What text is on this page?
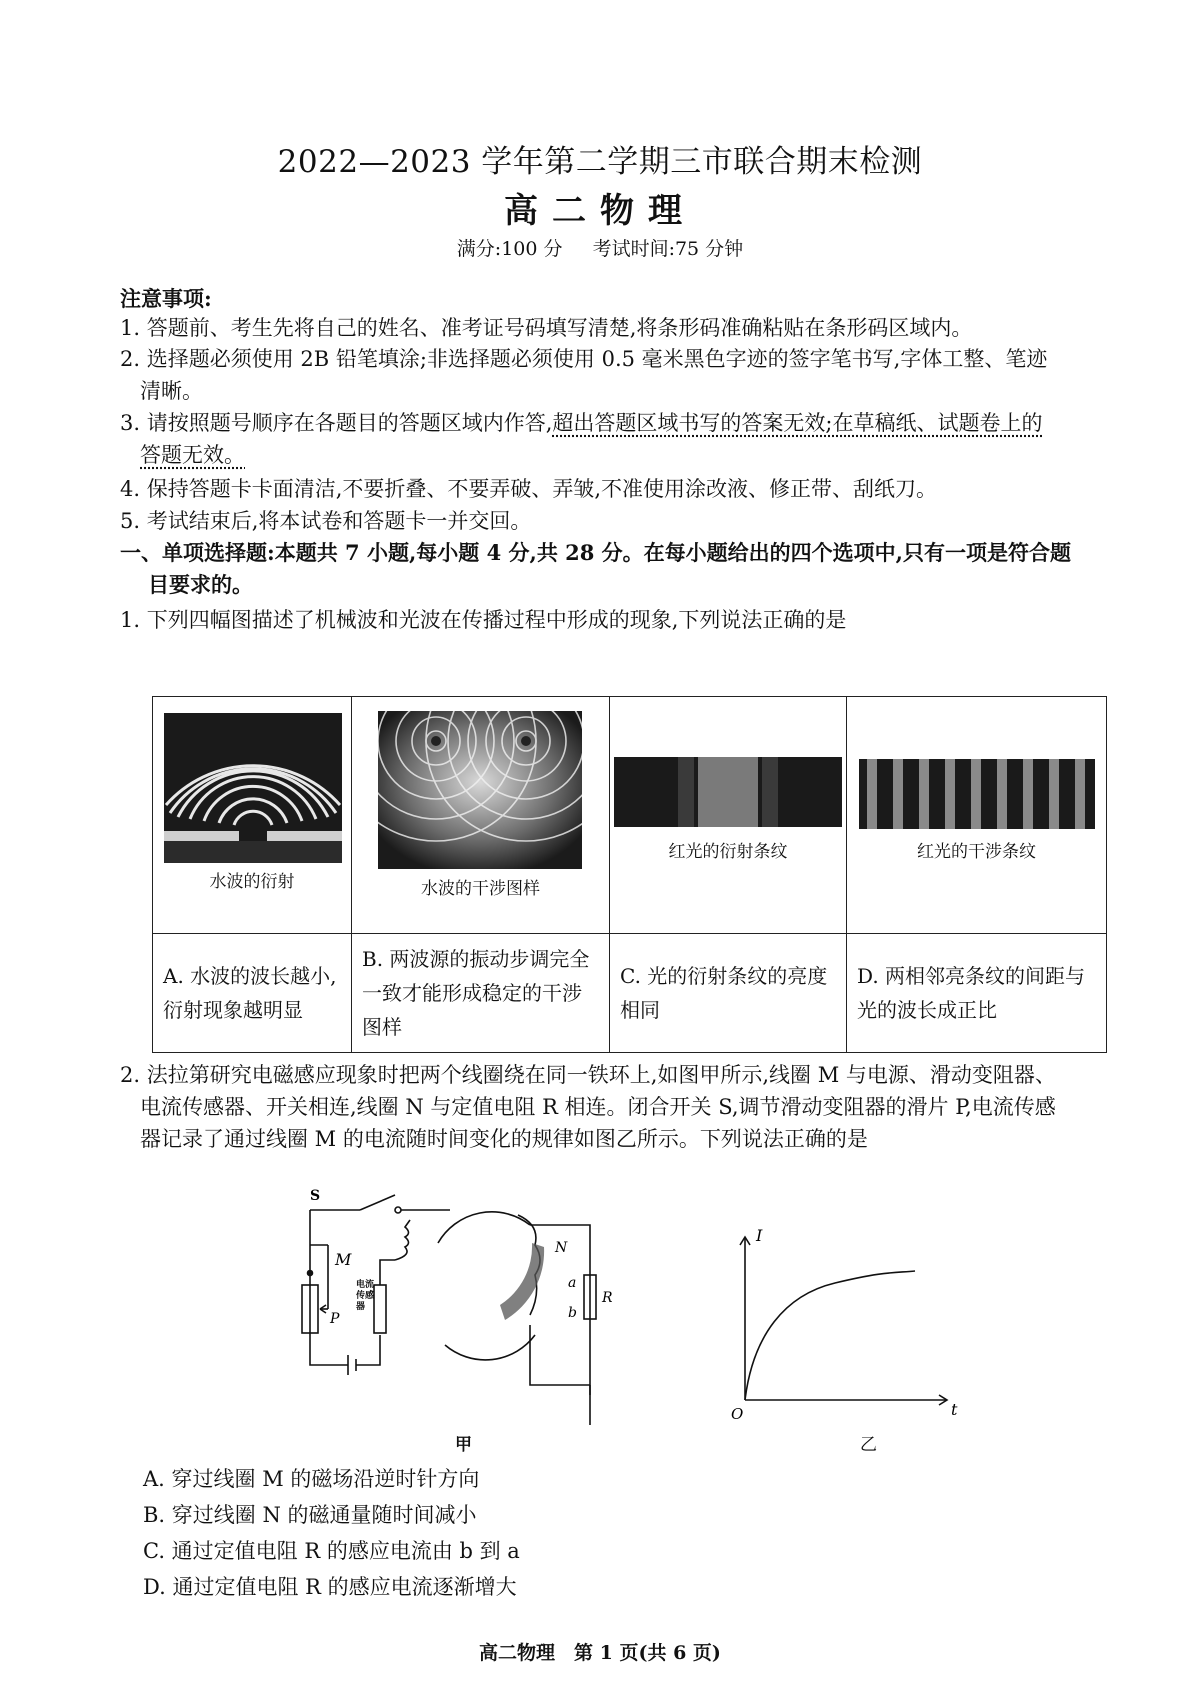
2022—2023 学年第二学期三市联合期末检测
高二物理
满分:100 分 考试时间:75 分钟
注意事项:
1. 答题前、考生先将自己的姓名、准考证号码填写清楚,将条形码准确粘贴在条形码区域内。
2. 选择题必须使用 2B 铅笔填涂;非选择题必须使用 0.5 毫米黑色字迹的签字笔书写,字体工整、笔迹
清晰。
3. 请按照题号顺序在各题目的答题区域内作答,超出答题区域书写的答案无效;在草稿纸、试题卷上的
答题无效。
4. 保持答题卡卡面清洁,不要折叠、不要弄破、弄皱,不准使用涂改液、修正带、刮纸刀。
5. 考试结束后,将本试卷和答题卡一并交回。
一、单项选择题:本题共 7 小题,每小题 4 分,共 28 分。在每小题给出的四个选项中,只有一项是符合题
目要求的。
1. 下列四幅图描述了机械波和光波在传播过程中形成的现象,下列说法正确的是
水波的衍射	水波的干涉图样	红光的衍射条纹	红光的干涉条纹

A. 水波的波长越小,衍射现象越明显	B. 两波源的振动步调完全一致才能形成稳定的干涉图样	C. 光的衍射条纹的亮度相同	D. 两相邻亮条纹的间距与光的波长成正比
2. 法拉第研究电磁感应现象时把两个线圈绕在同一铁环上,如图甲所示,线圈 M 与电源、滑动变阻器、
电流传感器、开关相连,线圈 N 与定值电阻 R 相连。闭合开关 S,调节滑动变阻器的滑片 P,电流传感
器记录了通过线圈 M 的电流随时间变化的规律如图乙所示。下列说法正确的是
S
M
N
P
a
b
R
电流传感器
电流
传感
器
甲
I
t
O
乙
A. 穿过线圈 M 的磁场沿逆时针方向
B. 穿过线圈 N 的磁通量随时间减小
C. 通过定值电阻 R 的感应电流由 b 到 a
D. 通过定值电阻 R 的感应电流逐渐增大
高二物理　第 1 页(共 6 页)
